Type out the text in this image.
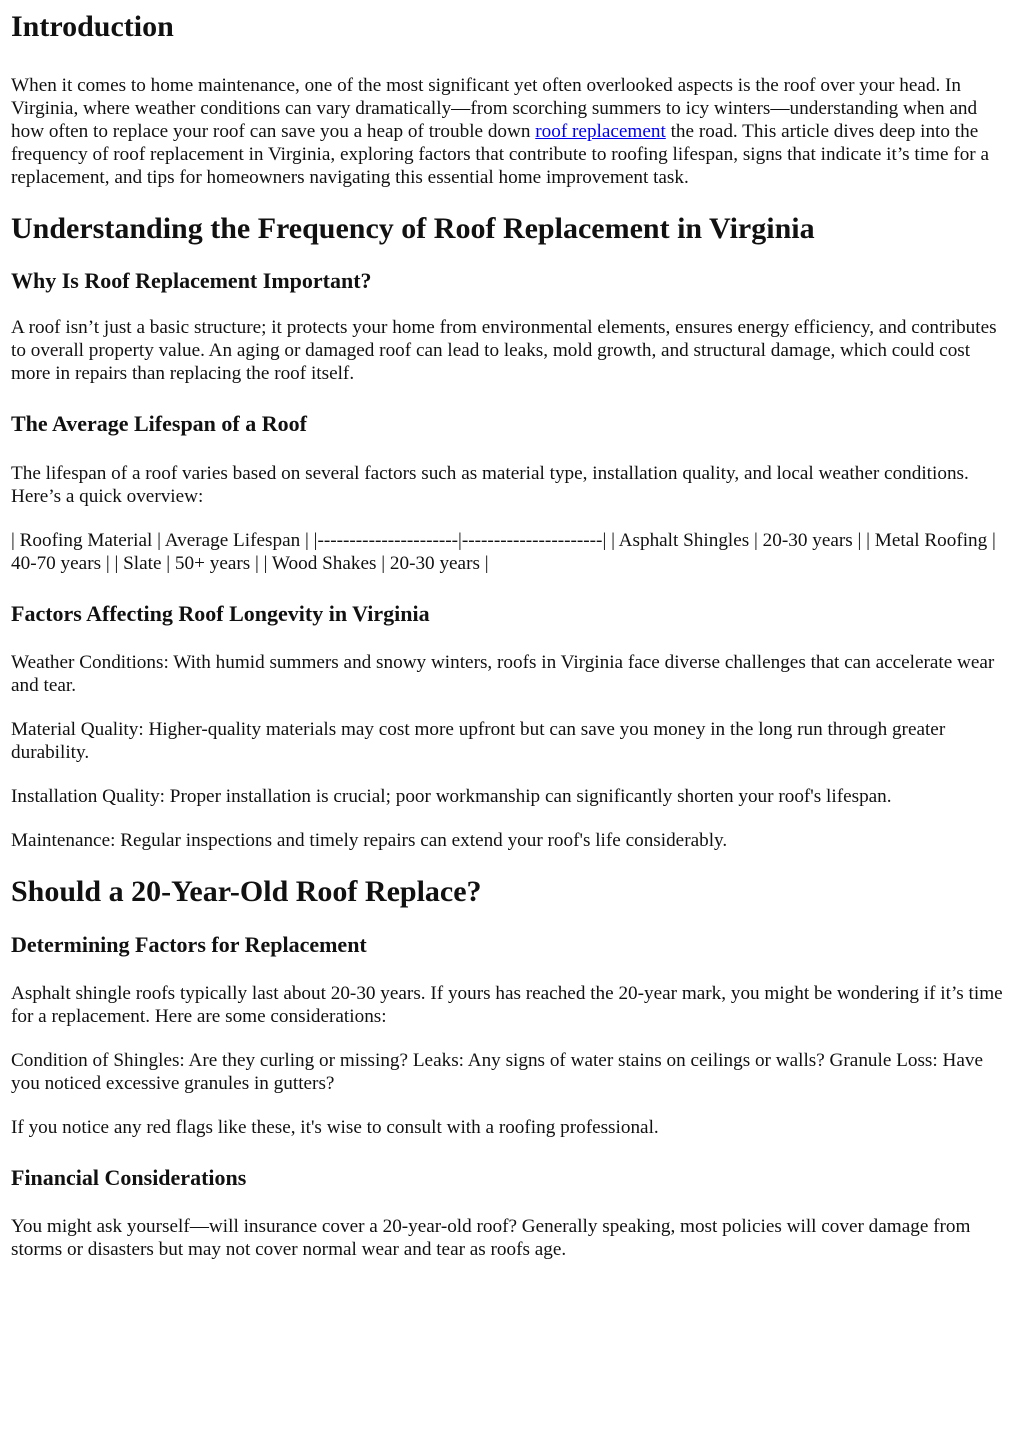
Introduction

When it comes to home maintenance, one of the most significant yet often overlooked aspects is the roof over your head. In Virginia, where weather conditions can vary dramatically—from scorching summers to icy winters—understanding when and how often to replace your roof can save you a heap of trouble down roof replacement the road. This article dives deep into the frequency of roof replacement in Virginia, exploring factors that contribute to roofing lifespan, signs that indicate it’s time for a replacement, and tips for homeowners navigating this essential home improvement task.

Understanding the Frequency of Roof Replacement in Virginia
Why Is Roof Replacement Important?

A roof isn’t just a basic structure; it protects your home from environmental elements, ensures energy efficiency, and contributes to overall property value. An aging or damaged roof can lead to leaks, mold growth, and structural damage, which could cost more in repairs than replacing the roof itself.

The Average Lifespan of a Roof

The lifespan of a roof varies based on several factors such as material type, installation quality, and local weather conditions. Here’s a quick overview:

| Roofing Material | Average Lifespan | |----------------------|----------------------| | Asphalt Shingles | 20-30 years | | Metal Roofing | 40-70 years | | Slate | 50+ years | | Wood Shakes | 20-30 years |

Factors Affecting Roof Longevity in Virginia

Weather Conditions: With humid summers and snowy winters, roofs in Virginia face diverse challenges that can accelerate wear and tear.

Material Quality: Higher-quality materials may cost more upfront but can save you money in the long run through greater durability.

Installation Quality: Proper installation is crucial; poor workmanship can significantly shorten your roof's lifespan.

Maintenance: Regular inspections and timely repairs can extend your roof's life considerably.

Should a 20-Year-Old Roof Replace?
Determining Factors for Replacement

Asphalt shingle roofs typically last about 20-30 years. If yours has reached the 20-year mark, you might be wondering if it’s time for a replacement. Here are some considerations:

Condition of Shingles: Are they curling or missing? Leaks: Any signs of water stains on ceilings or walls? Granule Loss: Have you noticed excessive granules in gutters?

If you notice any red flags like these, it's wise to consult with a roofing professional.

Financial Considerations

You might ask yourself—will insurance cover a 20-year-old roof? Generally speaking, most policies will cover damage from storms or disasters but may not cover normal wear and tear as roofs age.
